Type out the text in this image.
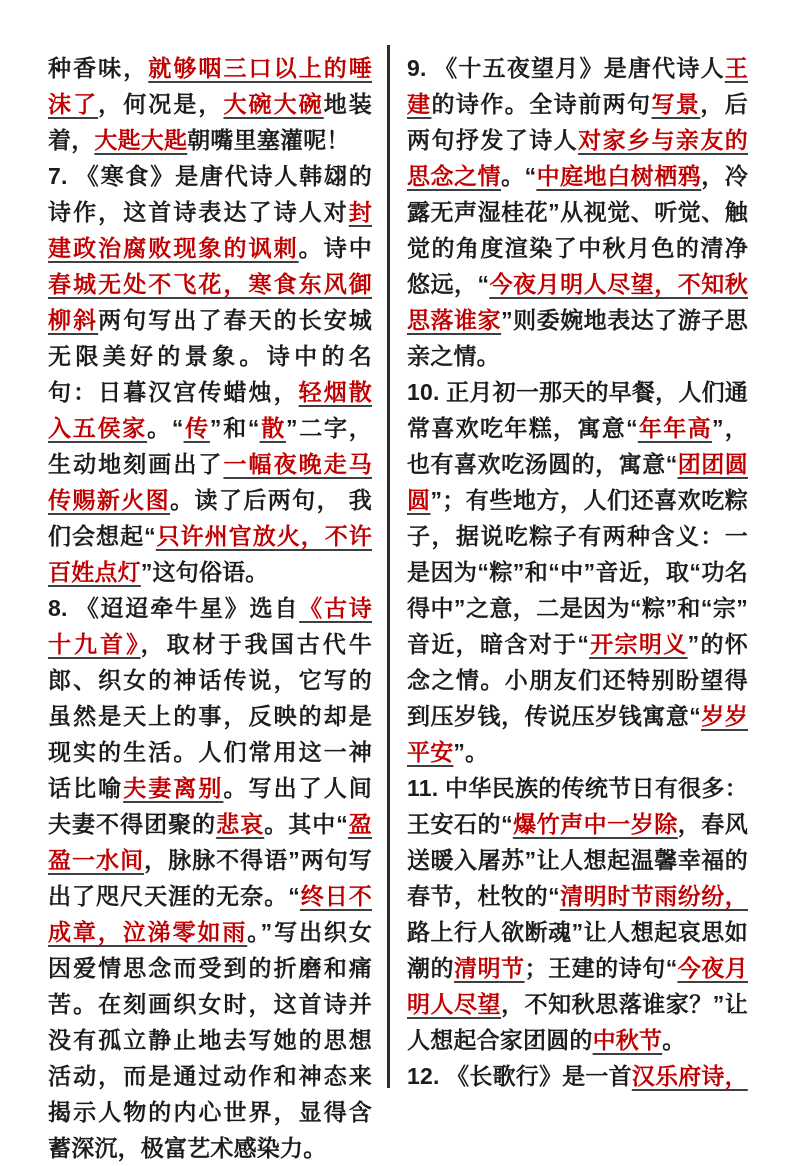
种香味，就够咽三口以上的唾沫了，何况是，大碗大碗地装着，大匙大匙朝嘴里塞灌呢！

7. 《寒食》是唐代诗人韩翃的诗作，这首诗表达了诗人对封建政治腐败现象的讽刺。诗中春城无处不飞花，寒食东风御柳斜两句写出了春天的长安城无限美好的景象。诗中的名句：日暮汉宫传蜡烛，轻烟散入五侯家。“传”和“散”二字，生动地刻画出了一幅夜晚走马传赐新火图。读了后两句， 我们会想起“只许州官放火，不许百姓点灯”这句俗语。

8. 《迢迢牵牛星》选自《古诗十九首》，取材于我国古代牛郎、织女的神话传说，它写的虽然是天上的事，反映的却是现实的生活。人们常用这一神话比喻夫妻离别。写出了人间夫妻不得团聚的悲哀。其中“盈盈一水间，脉脉不得语”两句写出了咫尺天涯的无奈。“终日不成章，泣涕零如雨。”写出织女因爱情思念而受到的折磨和痛苦。在刻画织女时，这首诗并没有孤立静止地去写她的思想活动，而是通过动作和神态来揭示人物的内心世界，显得含蓄深沉，极富艺术感染力。

9. 《十五夜望月》是唐代诗人王建的诗作。全诗前两句写景，后两句抒发了诗人对家乡与亲友的思念之情。“中庭地白树栖鸦，冷露无声湿桂花”从视觉、听觉、触觉的角度渲染了中秋月色的清净悠远，“今夜月明人尽望，不知秋思落谁家”则委婉地表达了游子思亲之情。

10. 正月初一那天的早餐，人们通常喜欢吃年糕，寓意“年年高”，也有喜欢吃汤圆的，寓意“团团圆圆”；有些地方，人们还喜欢吃粽子，据说吃粽子有两种含义：一是因为“粽”和“中”音近，取“功名得中”之意，二是因为“粽”和“宗”音近，暗含对于“开宗明义”的怀念之情。小朋友们还特别盼望得到压岁钱，传说压岁钱寓意“岁岁平安”。

11. 中华民族的传统节日有很多：王安石的“爆竹声中一岁除，春风送暖入屠苏”让人想起温馨幸福的春节，杜牧的“清明时节雨纷纷，路上行人欲断魂”让人想起哀思如潮的清明节；王建的诗句“今夜月明人尽望，不知秋思落谁家？”让人想起合家团圆的中秋节。

12. 《长歌行》是一首汉乐府诗，
